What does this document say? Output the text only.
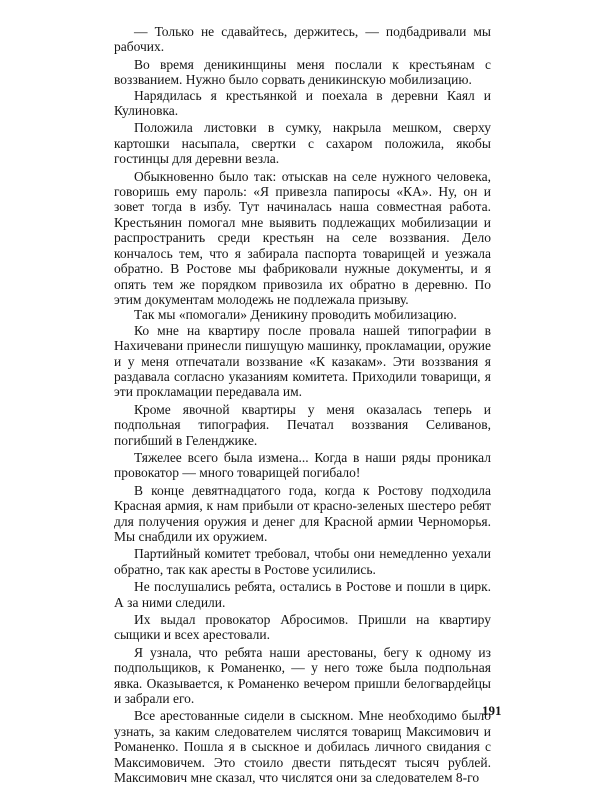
— Только не сдавайтесь, держитесь, — подбадривали мы рабочих.

Во время деникинщины меня послали к крестьянам с воззванием. Нужно было сорвать деникинскую мобилизацию.

Нарядилась я крестьянкой и поехала в деревни Каял и Кулиновка.

Положила листовки в сумку, накрыла мешком, сверху картошки насыпала, свертки с сахаром положила, якобы гостинцы для деревни везла.

Обыкновенно было так: отыскав на селе нужного человека, говоришь ему пароль: «Я привезла папиросы «КА». Ну, он и зовет тогда в избу. Тут начиналась наша совместная работа. Крестьянин помогал мне выявить подлежащих мобилизации и распространить среди крестьян на селе воззвания. Дело кончалось тем, что я забирала паспорта товарищей и уезжала обратно. В Ростове мы фабриковали нужные документы, и я опять тем же порядком привозила их обратно в деревню. По этим документам молодежь не подлежала призыву.

Так мы «помогали» Деникину проводить мобилизацию.

Ко мне на квартиру после провала нашей типографии в Нахичевани принесли пишущую машинку, прокламации, оружие и у меня отпечатали воззвание «К казакам». Эти воззвания я раздавала согласно указаниям комитета. Приходили товарищи, я эти прокламации передавала им.

Кроме явочной квартиры у меня оказалась теперь и подпольная типография. Печатал воззвания Селиванов, погибший в Геленджике.

Тяжелее всего была измена... Когда в наши ряды проникал провокатор — много товарищей погибало!

В конце девятнадцатого года, когда к Ростову подходила Красная армия, к нам прибыли от красно-зеленых шестеро ребят для получения оружия и денег для Красной армии Черноморья. Мы снабдили их оружием.

Партийный комитет требовал, чтобы они немедленно уехали обратно, так как аресты в Ростове усилились.

Не послушались ребята, остались в Ростове и пошли в цирк. А за ними следили.

Их выдал провокатор Абросимов. Пришли на квартиру сыщики и всех арестовали.

Я узнала, что ребята наши арестованы, бегу к одному из подпольщиков, к Романенко, — у него тоже была подпольная явка. Оказывается, к Романенко вечером пришли белогвардейцы и забрали его.

Все арестованные сидели в сыскном. Мне необходимо было узнать, за каким следователем числятся товарищ Максимович и Романенко. Пошла я в сыскное и добилась личного свидания с Максимовичем. Это стоило двести пятьдесят тысяч рублей. Максимович мне сказал, что числятся они за следователем 8-го

191
